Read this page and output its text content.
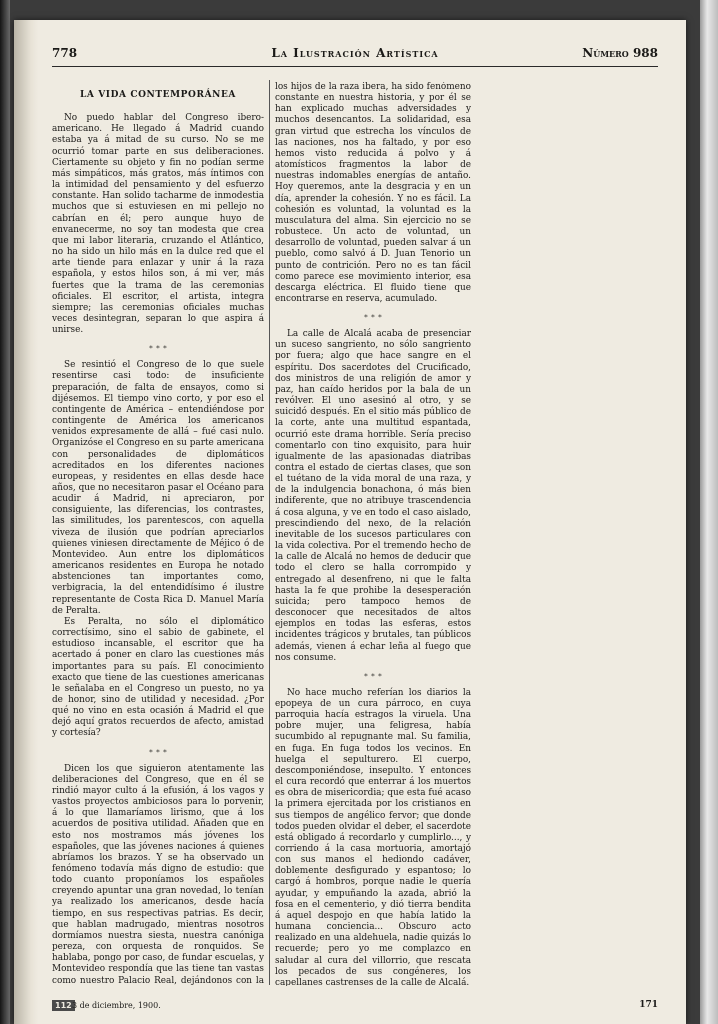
778	La Ilustración Artística	Número 988
LA VIDA CONTEMPORÁNEA

No puedo hablar del Congreso ibero-americano. He llegado á Madrid cuando estaba ya á mitad de su curso. No se me ocurrió tomar parte en sus deliberaciones. Ciertamente su objeto y fin no podían serme más simpáticos, más gratos, más íntimos con la intimidad del pensamiento y del esfuerzo constante. Han solido tacharme de inmodestia muchos que si estuviesen en mi pellejo no cabrían en él; pero aunque huyo de envanecerme, no soy tan modesta que crea que mi labor literaria, cruzando el Atlántico, no ha sido un hilo más en la dulce red que el arte tiende para enlazar y unir á la raza española, y estos hilos son, á mi ver, más fuertes que la trama de las ceremonias oficiales. El escritor, el artista, integra siempre; las ceremonias oficiales muchas veces desintegran, separan lo que aspira á unirse.

∗ ∗ ∗

Se resintió el Congreso de lo que suele resentirse casi todo: de insuficiente preparación, de falta de ensayos, como si dijésemos. El tiempo vino corto, y por eso el contingente de América – entendiéndose por contingente de América los americanos venidos expresamente de allá – fué casi nulo. Organizóse el Congreso en su parte americana con personalidades de diplomáticos acreditados en los diferentes naciones europeas, y residentes en ellas desde hace años, que no necesitaron pasar el Océano para acudir á Madrid, ni apreciaron, por consiguiente, las diferencias, los contrastes, las similitudes, los parentescos, con aquella viveza de ilusión que podrían apreciarlos quienes viniesen directamente de Méjico ó de Montevideo. Aun entre los diplomáticos americanos residentes en Europa he notado abstenciones tan importantes como, verbigracia, la del entendidísimo é ilustre representante de Costa Rica D. Manuel María de Peralta.

Es Peralta, no sólo el diplomático correctísimo, sino el sabio de gabinete, el estudioso incansable, el escritor que ha acertado á poner en claro las cuestiones más importantes para su país. El conocimiento exacto que tiene de las cuestiones americanas le señalaba en el Congreso un puesto, no ya de honor, sino de utilidad y necesidad. ¿Por qué no vino en esta ocasión á Madrid el que dejó aquí gratos recuerdos de afecto, amistad y cortesía?

∗ ∗ ∗

Dicen los que siguieron atentamente las deliberaciones del Congreso, que en él se rindió mayor culto á la efusión, á los vagos y vastos proyectos ambiciosos para lo porvenir, á lo que llamaríamos lirismo, que á los acuerdos de positiva utilidad. Añaden que en esto nos mostramos más jóvenes los españoles, que las jóvenes naciones á quienes abríamos los brazos. Y se ha observado un fenómeno todavía más digno de estudio: que todo cuanto proponíamos los españoles creyendo apuntar una gran novedad, lo tenían ya realizado los americanos, desde hacía tiempo, en sus respectivas patrias. Es decir, que hablan madrugado, mientras nosotros dormíamos nuestra siesta, nuestra canóniga pereza, con orquesta de ronquidos. Se hablaba, pongo por caso, de fundar escuelas, y Montevideo respondía que las tiene tan vastas como nuestro Palacio Real, dejándonos con la

los hijos de la raza ibera, ha sido fenómeno constante en nuestra historia, y por él se han explicado muchas adversidades y muchos desencantos. La solidaridad, esa gran virtud que estrecha los vínculos de las naciones, nos ha faltado, y por eso hemos visto reducida á polvo y á atomísticos fragmentos la labor de nuestras indomables energías de antaño. Hoy queremos, ante la desgracia y en un día, aprender la cohesión. Y no es fácil. La cohesión es voluntad, la voluntad es la musculatura del alma. Sin ejercicio no se robustece. Un acto de voluntad, un desarrollo de voluntad, pueden salvar á un pueblo, como salvó á D. Juan Tenorio un punto de contrición. Pero no es tan fácil como parece ese movimiento interior, esa descarga eléctrica. El fluido tiene que encontrarse en reserva, acumulado.

∗ ∗ ∗

La calle de Alcalá acaba de presenciar un suceso sangriento, no sólo sangriento por fuera; algo que hace sangre en el espíritu. Dos sacerdotes del Crucificado, dos ministros de una religión de amor y paz, han caído heridos por la bala de un revólver. El uno asesinó al otro, y se suicidó después. En el sitio más público de la corte, ante una multitud espantada, ocurrió este drama horrible. Sería preciso comentarlo con tino exquisito, para huir igualmente de las apasionadas diatribas contra el estado de ciertas clases, que son el tuétano de la vida moral de una raza, y de la indulgencia bonachona, ó más bien indiferente, que no atribuye trascendencia á cosa alguna, y ve en todo el caso aislado, prescindiendo del nexo, de la relación inevitable de los sucesos particulares con la vida colectiva. Por el tremendo hecho de la calle de Alcalá no hemos de deducir que todo el clero se halla corrompido y entregado al desenfreno, ni que le falta hasta la fe que prohibe la desesperación suicida; pero tampoco hemos de desconocer que necesitados de altos ejemplos en todas las esferas, estos incidentes trágicos y brutales, tan públicos además, vienen á echar leña al fuego que nos consume.

∗ ∗ ∗

No hace mucho referían los diarios la epopeya de un cura párroco, en cuya parroquia hacía estragos la viruela. Una pobre mujer, una feligresa, había sucumbido al repugnante mal. Su familia, en fuga. En fuga todos los vecinos. En huelga el sepulturero. El cuerpo, descomponiéndose, insepulto. Y entonces el cura recordó que enterrar á los muertos es obra de misericordia; que esta fué acaso la primera ejercitada por los cristianos en sus tiempos de angélico fervor; que donde todos pueden olvidar el deber, el sacerdote está obligado á recordarlo y cumplirlo..., y corriendo á la casa mortuoria, amortajó con sus manos el hediondo cadáver, doblemente desfigurado y espantoso; lo cargó á hombros, porque nadie le quería ayudar, y empuñando la azada, abrió la fosa en el cementerio, y dió tierra bendita á aquel despojo en que había latido la humana conciencia... Obscuro acto realizado en una aldehuela, nadie quizás lo recuerde; pero yo me complazco en saludar al cura del villorrio, que rescata los pecados de sus congéneres, los capellanes castrenses de la calle de Alcalá.

112 3 de diciembre, 1900.	171
